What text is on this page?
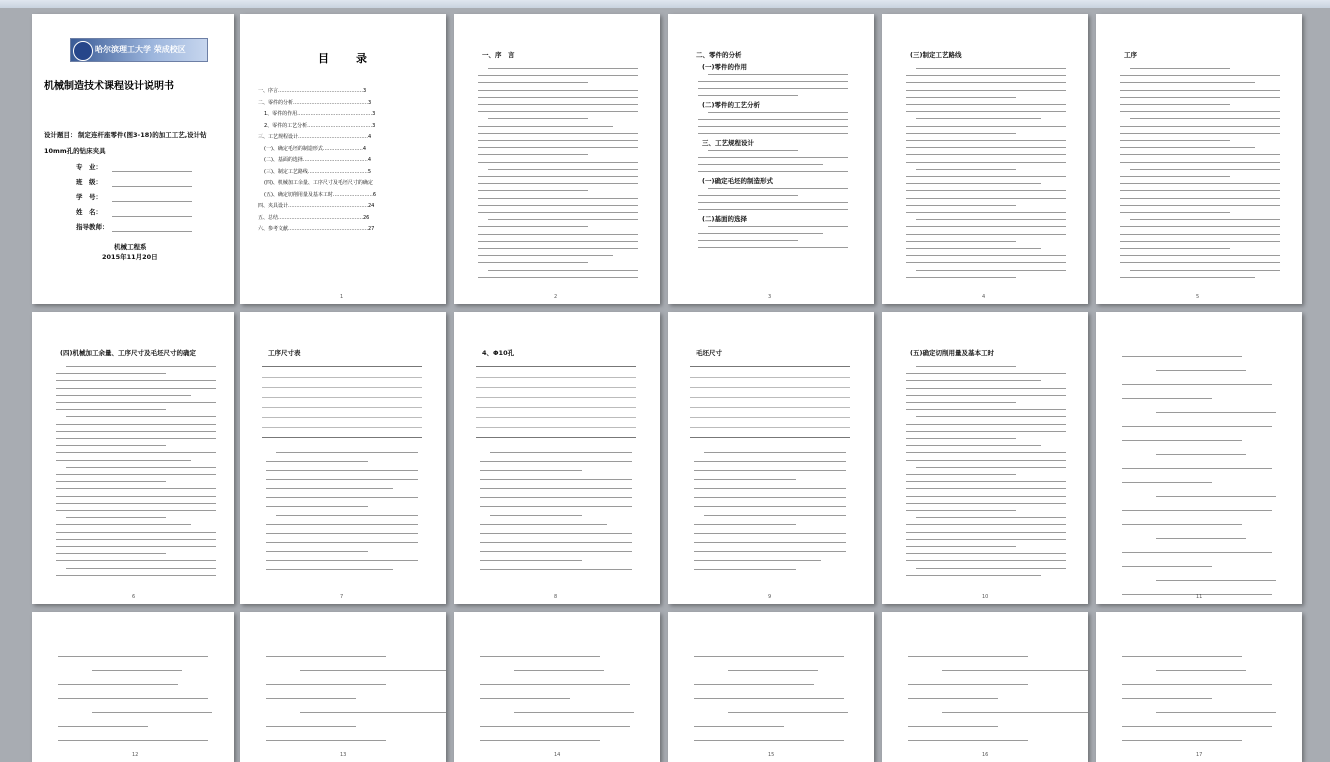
哈尔滨理工大学 荣成校区
机械制造技术课程设计说明书
设计题目： 制定连杆座零件(图3-18)的加工工艺,设计钻
10mm孔的钻床夹具
专　业：
班　级：
学　号：
姓　名：
指导教师：
机械工程系
2015年11月20日
目　录
一、序言……………………………………………3
二、零件的分析………………………………………3
1、零件的作用………………………………………3
2、零件的工艺分析…………………………………3
三、工艺规程设计……………………………………4
(一)、确定毛坯的制造形式……………………4
(二)、基面的选择…………………………………4
(三)、制定工艺路线………………………………5
(四)、机械加工余量、工序尺寸及毛坯尺寸的确定
(五)、确定切削用量及基本工时……………………6
四、夹具设计…………………………………………24
五、总结……………………………………………26
六、参考文献…………………………………………27
1
一、序　言
2
二、零件的分析
(一)零件的作用
(二)零件的工艺分析
三、工艺规程设计
(一)确定毛坯的制造形式
(二)基面的选择
3
(三)制定工艺路线
4
工序
5
(四)机械加工余量、工序尺寸及毛坯尺寸的确定
6
工序尺寸表
7
4、Φ10孔
8
毛坯尺寸
9
(五)确定切削用量及基本工时
10	11
12	13	14	15	16	17
